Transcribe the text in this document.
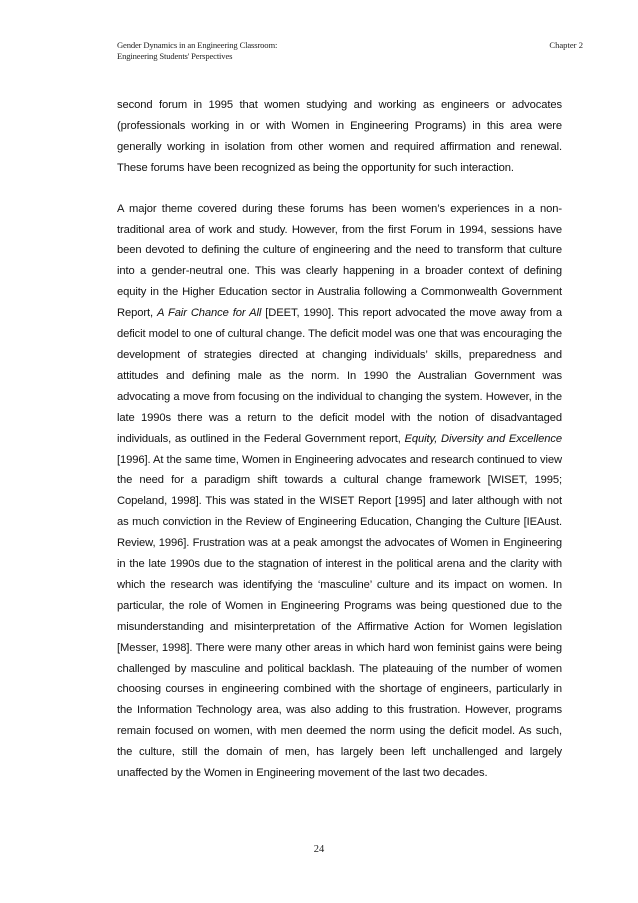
Gender Dynamics in an Engineering Classroom:
Engineering Students' Perspectives
Chapter 2

second forum in 1995 that women studying and working as engineers or advocates (professionals working in or with Women in Engineering Programs) in this area were generally working in isolation from other women and required affirmation and renewal. These forums have been recognized as being the opportunity for such interaction.

A major theme covered during these forums has been women’s experiences in a non-traditional area of work and study. However, from the first Forum in 1994, sessions have been devoted to defining the culture of engineering and the need to transform that culture into a gender-neutral one. This was clearly happening in a broader context of defining equity in the Higher Education sector in Australia following a Commonwealth Government Report, A Fair Chance for All [DEET, 1990]. This report advocated the move away from a deficit model to one of cultural change. The deficit model was one that was encouraging the development of strategies directed at changing individuals’ skills, preparedness and attitudes and defining male as the norm. In 1990 the Australian Government was advocating a move from focusing on the individual to changing the system. However, in the late 1990s there was a return to the deficit model with the notion of disadvantaged individuals, as outlined in the Federal Government report, Equity, Diversity and Excellence [1996]. At the same time, Women in Engineering advocates and research continued to view the need for a paradigm shift towards a cultural change framework [WISET, 1995; Copeland, 1998]. This was stated in the WISET Report [1995] and later although with not as much conviction in the Review of Engineering Education, Changing the Culture [IEAust. Review, 1996]. Frustration was at a peak amongst the advocates of Women in Engineering in the late 1990s due to the stagnation of interest in the political arena and the clarity with which the research was identifying the ‘masculine’ culture and its impact on women. In particular, the role of Women in Engineering Programs was being questioned due to the misunderstanding and misinterpretation of the Affirmative Action for Women legislation [Messer, 1998]. There were many other areas in which hard won feminist gains were being challenged by masculine and political backlash. The plateauing of the number of women choosing courses in engineering combined with the shortage of engineers, particularly in the Information Technology area, was also adding to this frustration. However, programs remain focused on women, with men deemed the norm using the deficit model. As such, the culture, still the domain of men, has largely been left unchallenged and largely unaffected by the Women in Engineering movement of the last two decades.

24
